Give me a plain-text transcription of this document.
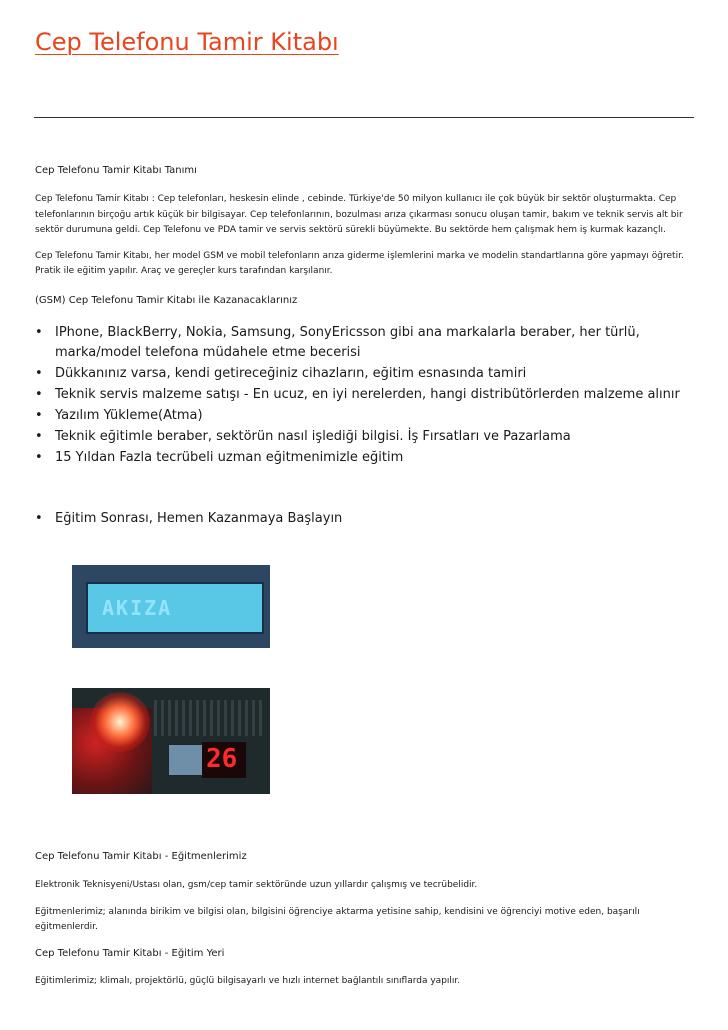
Cep Telefonu Tamir Kitabı

Cep Telefonu Tamir Kitabı Tanımı

Cep Telefonu Tamir Kitabı : Cep telefonları, heskesin elinde , cebinde. Türkiye'de 50 milyon kullanıcı ile çok büyük bir sektör oluşturmakta. Cep telefonlarının birçoğu artık küçük bir bilgisayar. Cep telefonlarının, bozulması arıza çıkarması sonucu oluşan tamir, bakım ve teknik servis alt bir sektör durumuna geldi. Cep Telefonu ve PDA tamir ve servis sektörü sürekli büyümekte. Bu sektörde hem çalışmak hem iş kurmak kazançlı.

Cep Telefonu Tamir Kitabı, her model GSM ve mobil telefonların arıza giderme işlemlerini marka ve modelin standartlarına göre yapmayı öğretir. Pratik ile eğitim yapılır. Araç ve gereçler kurs tarafından karşılanır.

(GSM) Cep Telefonu Tamir Kitabı ile Kazanacaklarınız

• IPhone, BlackBerry, Nokia, Samsung, SonyEricsson gibi ana markalarla beraber, her türlü, marka/model telefona müdahele etme becerisi
• Dükkanınız varsa, kendi getireceğiniz cihazların, eğitim esnasında tamiri
• Teknik servis malzeme satışı - En ucuz, en iyi nerelerden, hangi distribütörlerden malzeme alınır
• Yazılım Yükleme(Atma)
• Teknik eğitimle beraber, sektörün nasıl işlediği bilgisi. İş Fırsatları ve Pazarlama
• 15 Yıldan Fazla tecrübeli uzman eğitmenimizle eğitim
• Eğitim Sonrası, Hemen Kazanmaya Başlayın
AKIZA
26

Cep Telefonu Tamir Kitabı - Eğitmenlerimiz

Elektronik Teknisyeni/Ustası olan, gsm/cep tamir sektöründe uzun yıllardır çalışmış ve tecrübelidir.

Eğitmenlerimiz; alanında birikim ve bilgisi olan, bilgisini öğrenciye aktarma yetisine sahip, kendisini ve öğrenciyi motive eden, başarılı eğitmenlerdir.

Cep Telefonu Tamir Kitabı - Eğitim Yeri

Eğitimlerimiz; klimalı, projektörlü, güçlü bilgisayarlı ve hızlı internet bağlantılı sınıflarda yapılır.
